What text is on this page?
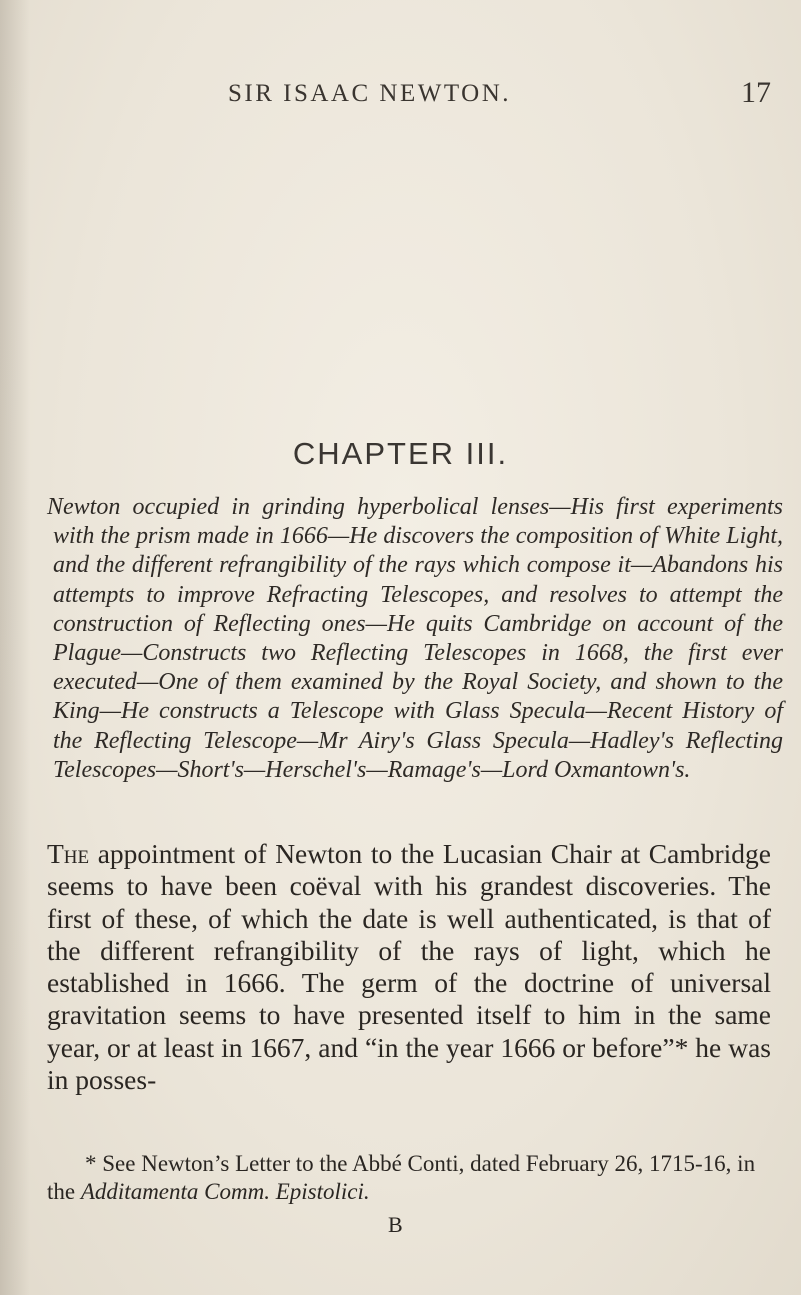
SIR ISAAC NEWTON.	17
CHAPTER III.
Newton occupied in grinding hyperbolical lenses—His first experiments with the prism made in 1666—He discovers the composition of White Light, and the different refrangibility of the rays which compose it—Abandons his attempts to improve Refracting Telescopes, and resolves to attempt the construction of Reflecting ones—He quits Cambridge on account of the Plague—Constructs two Reflecting Telescopes in 1668, the first ever executed—One of them examined by the Royal Society, and shown to the King—He constructs a Telescope with Glass Specula—Recent History of the Reflecting Telescope—Mr Airy's Glass Specula—Hadley's Reflecting Telescopes—Short's—Herschel's—Ramage's—Lord Oxmantown's.
The appointment of Newton to the Lucasian Chair at Cambridge seems to have been coëval with his grandest discoveries. The first of these, of which the date is well authenticated, is that of the different refrangibility of the rays of light, which he established in 1666. The germ of the doctrine of universal gravitation seems to have presented itself to him in the same year, or at least in 1667, and “in the year 1666 or before”* he was in posses-
* See Newton’s Letter to the Abbé Conti, dated February 26, 1715-16, in the Additamenta Comm. Epistolici.
B
